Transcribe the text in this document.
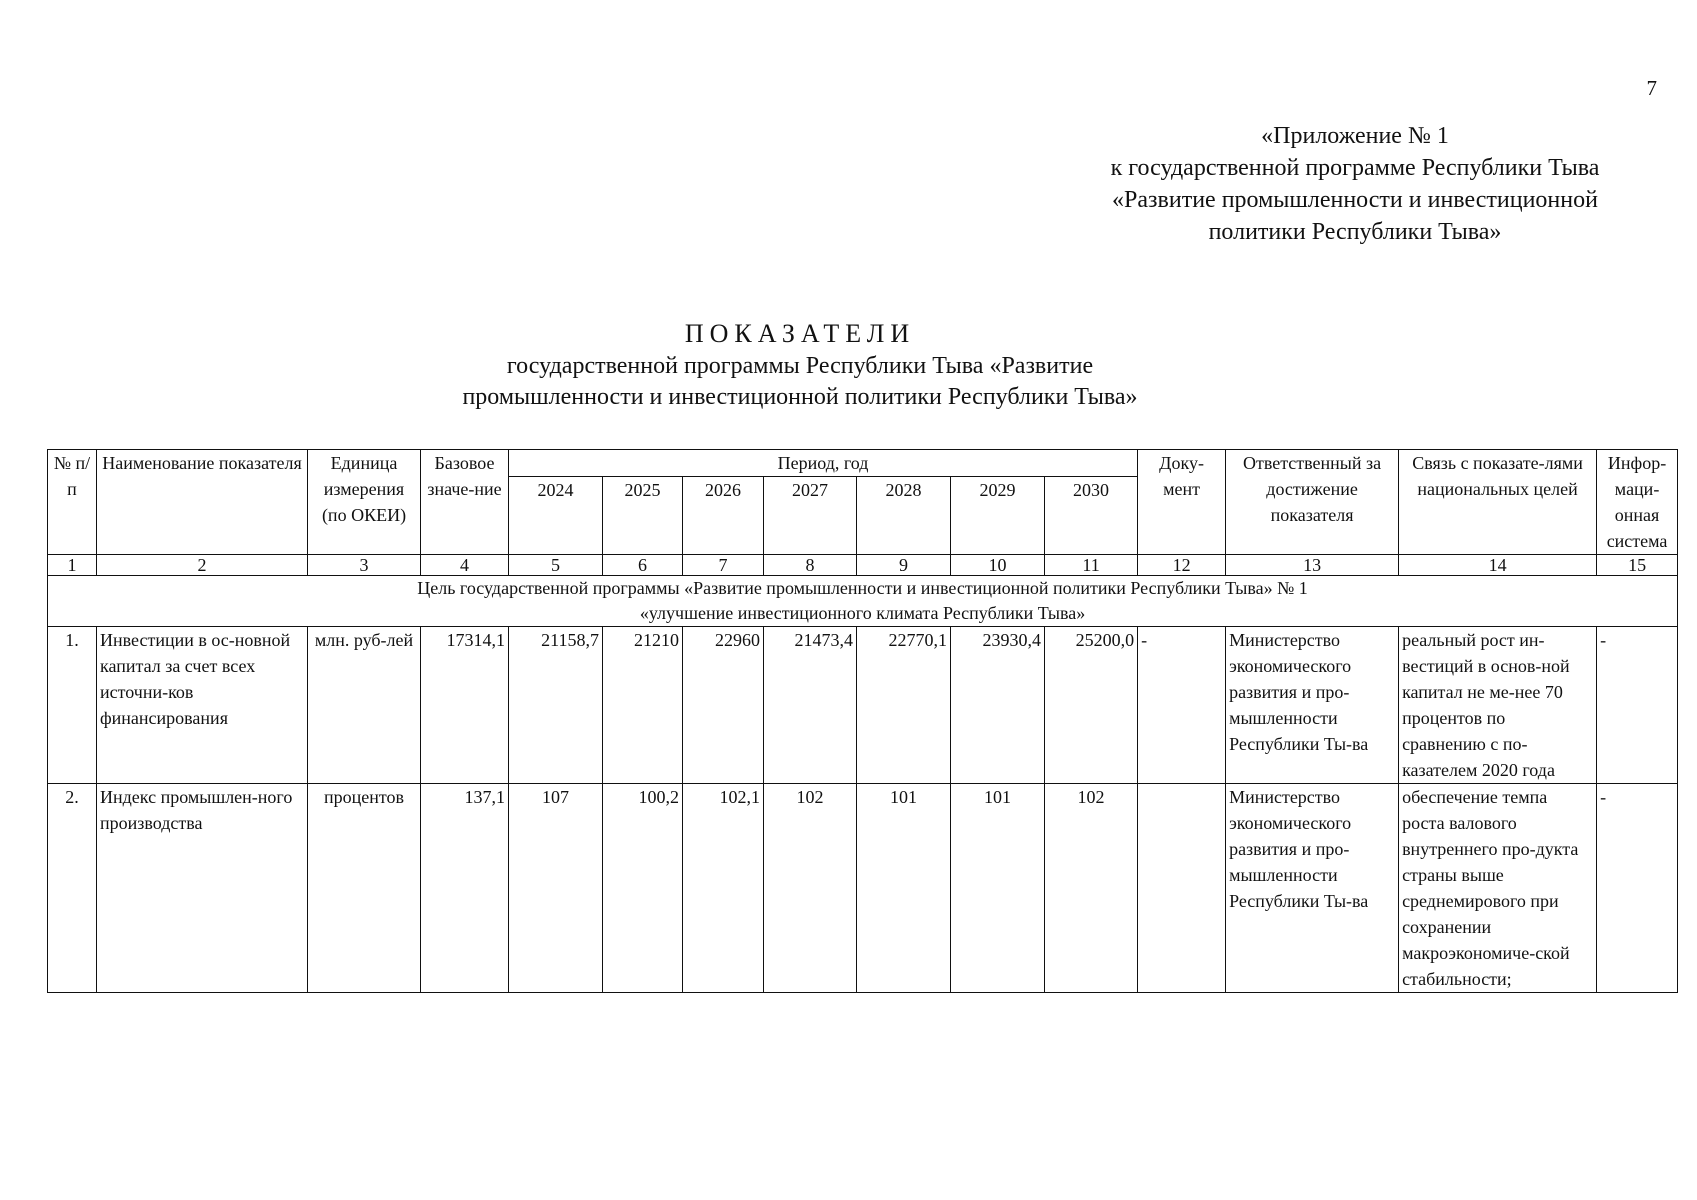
7
«Приложение № 1
к государственной программе Республики Тыва
«Развитие промышленности и инвестиционной
политики Республики Тыва»
ПОКАЗАТЕЛИ
государственной программы Республики Тыва «Развитие
промышленности и инвестиционной политики Республики Тыва»
№ п/п	Наименование показателя	Единица измерения (по ОКЕИ)	Базовое значе-ние	Период, год							Доку-мент	Ответственный за достижение показателя	Связь с показате-лями национальных целей	Инфор-маци-онная система
				2024	2025	2026	2027	2028	2029	2030				
1	2	3	4	5	6	7	8	9	10	11	12	13	14	15

Цель государственной программы «Развитие промышленности и инвестиционной политики Республики Тыва» № 1
«улучшение инвестиционного климата Республики Тыва»														

1.	Инвестиции в ос-новной капитал за счет всех источни-ков финансирования	млн. руб-лей	17314,1	21158,7	21210	22960	21473,4	22770,1	23930,4	25200,0	-	Министерство экономического развития и про-мышленности Республики Ты-ва	реальный рост ин-вестиций в основ-ной капитал не ме-нее 70 процентов по сравнению с по-казателем 2020 года	-
2.	Индекс промышлен-ного производства	процентов	137,1	107	100,2	102,1	102	101	101	102		Министерство экономического развития и про-мышленности Республики Ты-ва	обеспечение темпа роста валового внутреннего про-дукта страны выше среднемирового при сохранении макроэкономиче-ской стабильности;	-
